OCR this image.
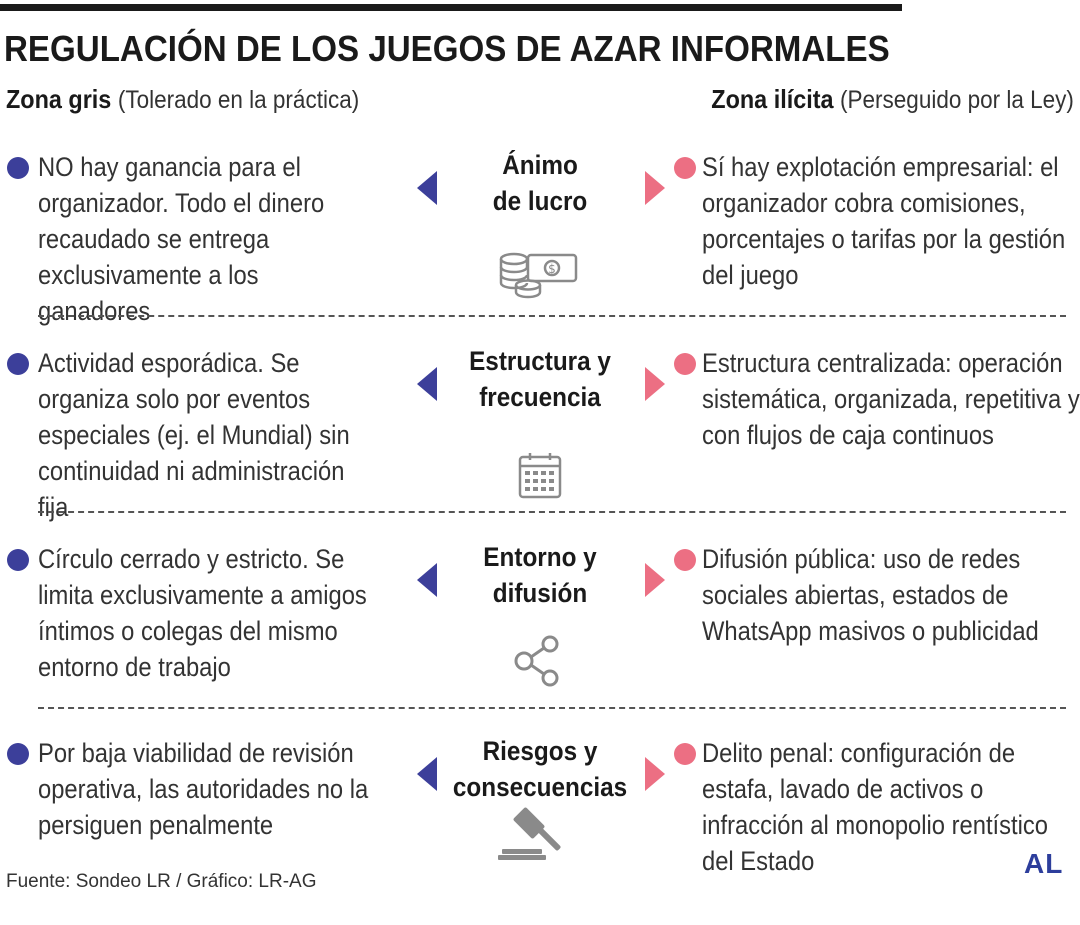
REGULACIÓN DE LOS JUEGOS DE AZAR INFORMALES
Zona gris (Tolerado en la práctica)	Zona ilícita (Perseguido por la Ley)
NO hay ganancia para el organizador. Todo el dinero recaudado se entrega exclusivamente a los ganadores
Ánimo
de lucro
Sí hay explotación empresarial: el organizador cobra comisiones, porcentajes o tarifas por la gestión del juego
$
Actividad esporádica. Se organiza solo por eventos especiales (ej. el Mundial) sin continuidad ni administración fija
Estructura y
frecuencia
Estructura centralizada: operación sistemática, organizada, repetitiva y con flujos de caja continuos
Círculo cerrado y estricto. Se limita exclusivamente a amigos íntimos o colegas del mismo entorno de trabajo
Entorno y
difusión
Difusión pública: uso de redes sociales abiertas, estados de WhatsApp masivos o publicidad
Por baja viabilidad de revisión operativa, las autoridades no la persiguen penalmente
Riesgos y
consecuencias
Delito penal: configuración de estafa, lavado de activos o infracción al monopolio rentístico del Estado
Fuente: Sondeo LR / Gráfico: LR-AG
AL
